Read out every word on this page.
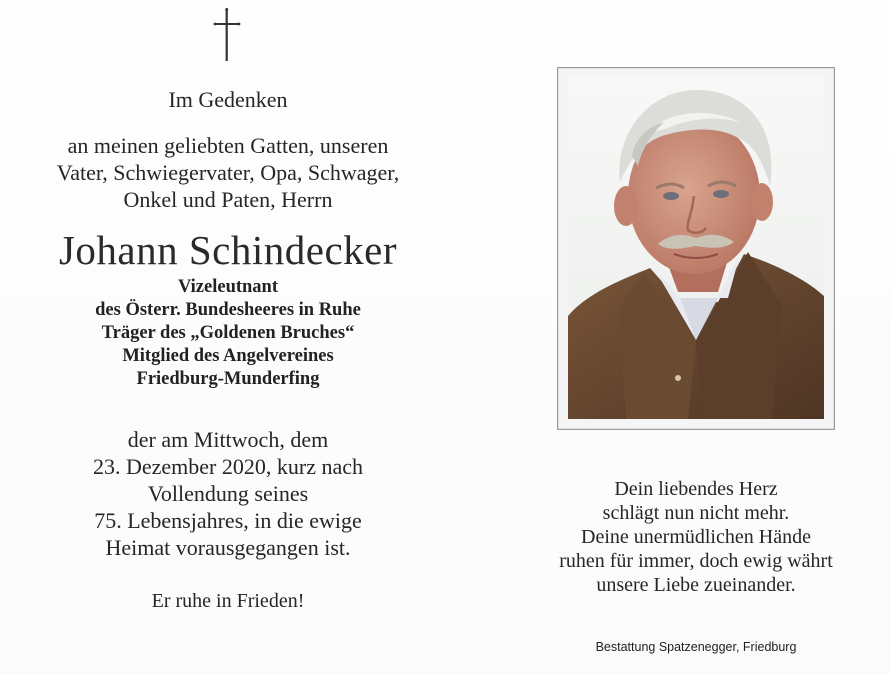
Im Gedenken

an meinen geliebten Gatten, unseren

Vater, Schwiegervater, Opa, Schwager,

Onkel und Paten, Herrn

Johann Schindecker

Vizeleutnant

des Österr. Bundesheeres in Ruhe

Träger des „Goldenen Bruches“

Mitglied des Angelvereines

Friedburg-Munderfing

der am Mittwoch, dem

23. Dezember 2020, kurz nach

Vollendung seines

75. Lebensjahres, in die ewige

Heimat vorausgegangen ist.

Er ruhe in Frieden!

Dein liebendes Herz

schlägt nun nicht mehr.

Deine unermüdlichen Hände

ruhen für immer, doch ewig währt

unsere Liebe zueinander.

Bestattung Spatzenegger, Friedburg
